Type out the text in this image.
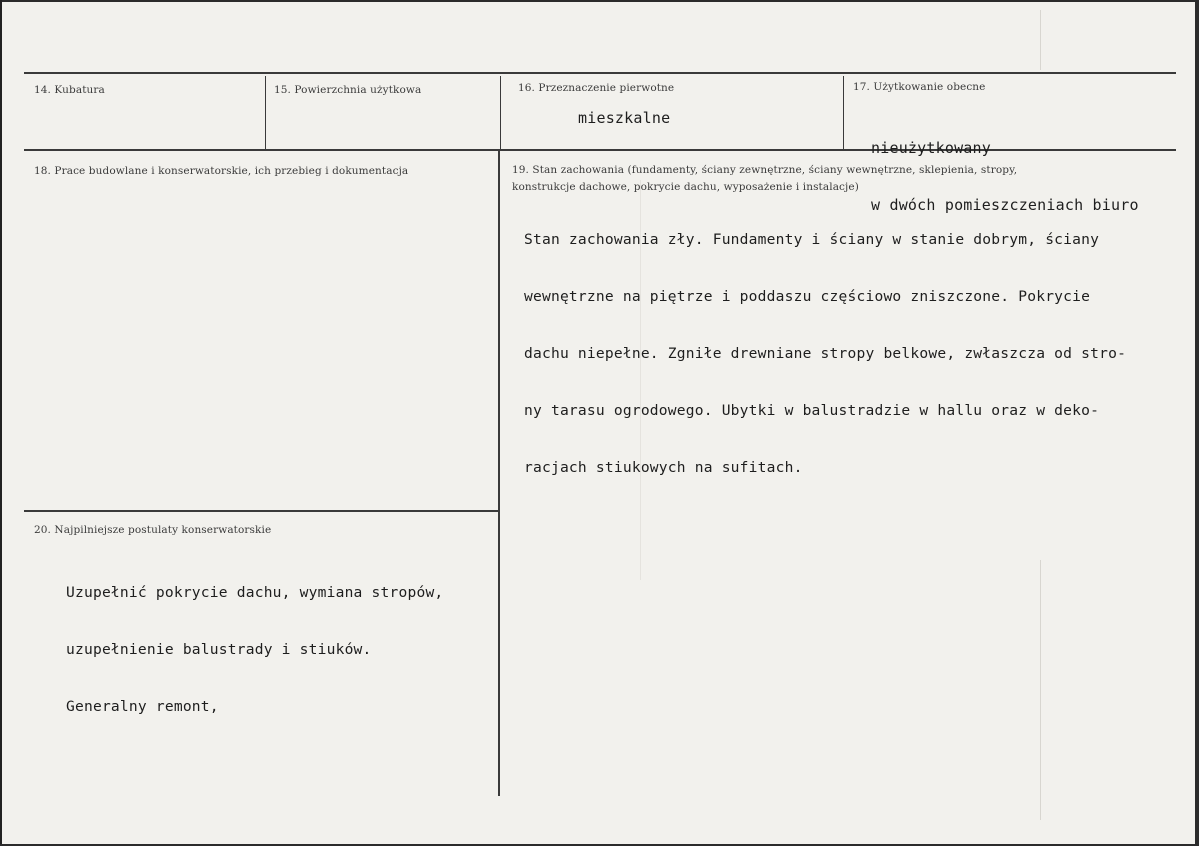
14. Kubatura	15. Powierzchnia użytkowa	16. Przeznaczenie pierwotne
mieszkalne
17. Użytkowanie obecne

nieużytkowany

w dwóch pomieszczeniach biuro

18. Prace budowlane i konserwatorskie, ich przebieg i dokumentacja	19. Stan zachowania (fundamenty, ściany zewnętrzne, ściany wewnętrzne, sklepienia, stropy,
konstrukcje dachowe, pokrycie dachu, wyposażenie i instalacje)

Stan zachowania zły. Fundamenty i ściany w stanie dobrym, ściany

wewnętrzne na piętrze i poddaszu częściowo zniszczone. Pokrycie

dachu niepełne. Zgniłe drewniane stropy belkowe, zwłaszcza od stro-

ny tarasu ogrodowego. Ubytki w balustradzie w hallu oraz w deko-

racjach stiukowych na sufitach.

20. Najpilniejsze postulaty konserwatorskie

Uzupełnić pokrycie dachu, wymiana stropów,

uzupełnienie balustrady i stiuków.

Generalny remont,
